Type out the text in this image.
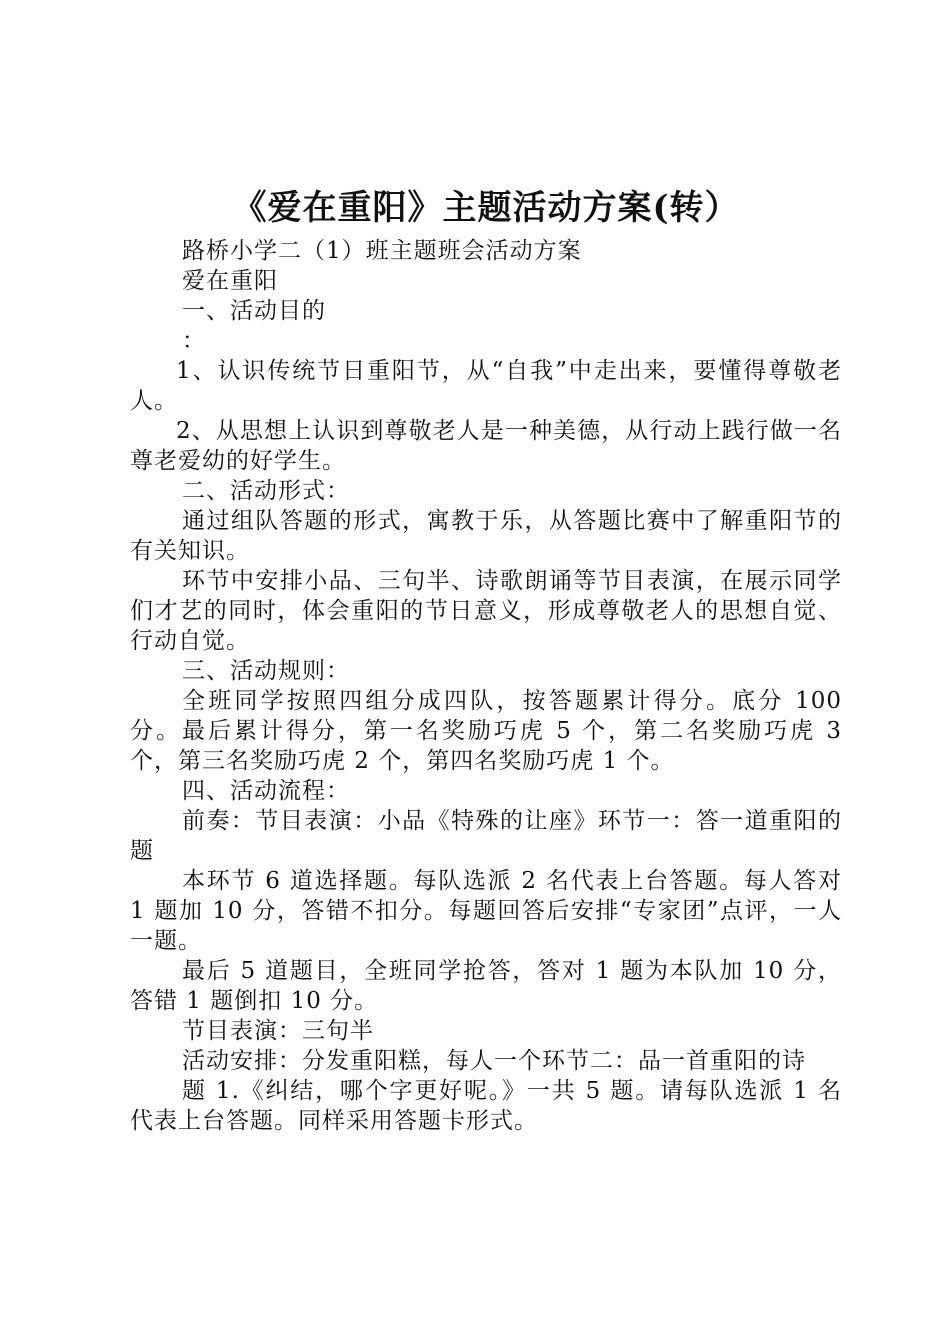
《爱在重阳》主题活动方案(转）

路桥小学二（1）班主题班会活动方案

爱在重阳

一、活动目的

：

1、认识传统节日重阳节，从“自我”中走出来，要懂得尊敬老人。

2、从思想上认识到尊敬老人是一种美德，从行动上践行做一名尊老爱幼的好学生。

二、活动形式：

通过组队答题的形式，寓教于乐，从答题比赛中了解重阳节的有关知识。

环节中安排小品、三句半、诗歌朗诵等节目表演，在展示同学们才艺的同时，体会重阳的节日意义，形成尊敬老人的思想自觉、行动自觉。

三、活动规则：

全班同学按照四组分成四队，按答题累计得分。底分 100 分。最后累计得分，第一名奖励巧虎 5 个，第二名奖励巧虎 3 个，第三名奖励巧虎 2 个，第四名奖励巧虎 1 个。

四、活动流程：

前奏：节目表演：小品《特殊的让座》环节一：答一道重阳的题

本环节 6 道选择题。每队选派 2 名代表上台答题。每人答对 1 题加 10 分，答错不扣分。每题回答后安排“专家团”点评，一人一题。

最后 5 道题目，全班同学抢答，答对 1 题为本队加 10 分，答错 1 题倒扣 10 分。

节目表演：三句半

活动安排：分发重阳糕，每人一个环节二：品一首重阳的诗

题 1.《纠结，哪个字更好呢。》一共 5 题。请每队选派 1 名代表上台答题。同样采用答题卡形式。
